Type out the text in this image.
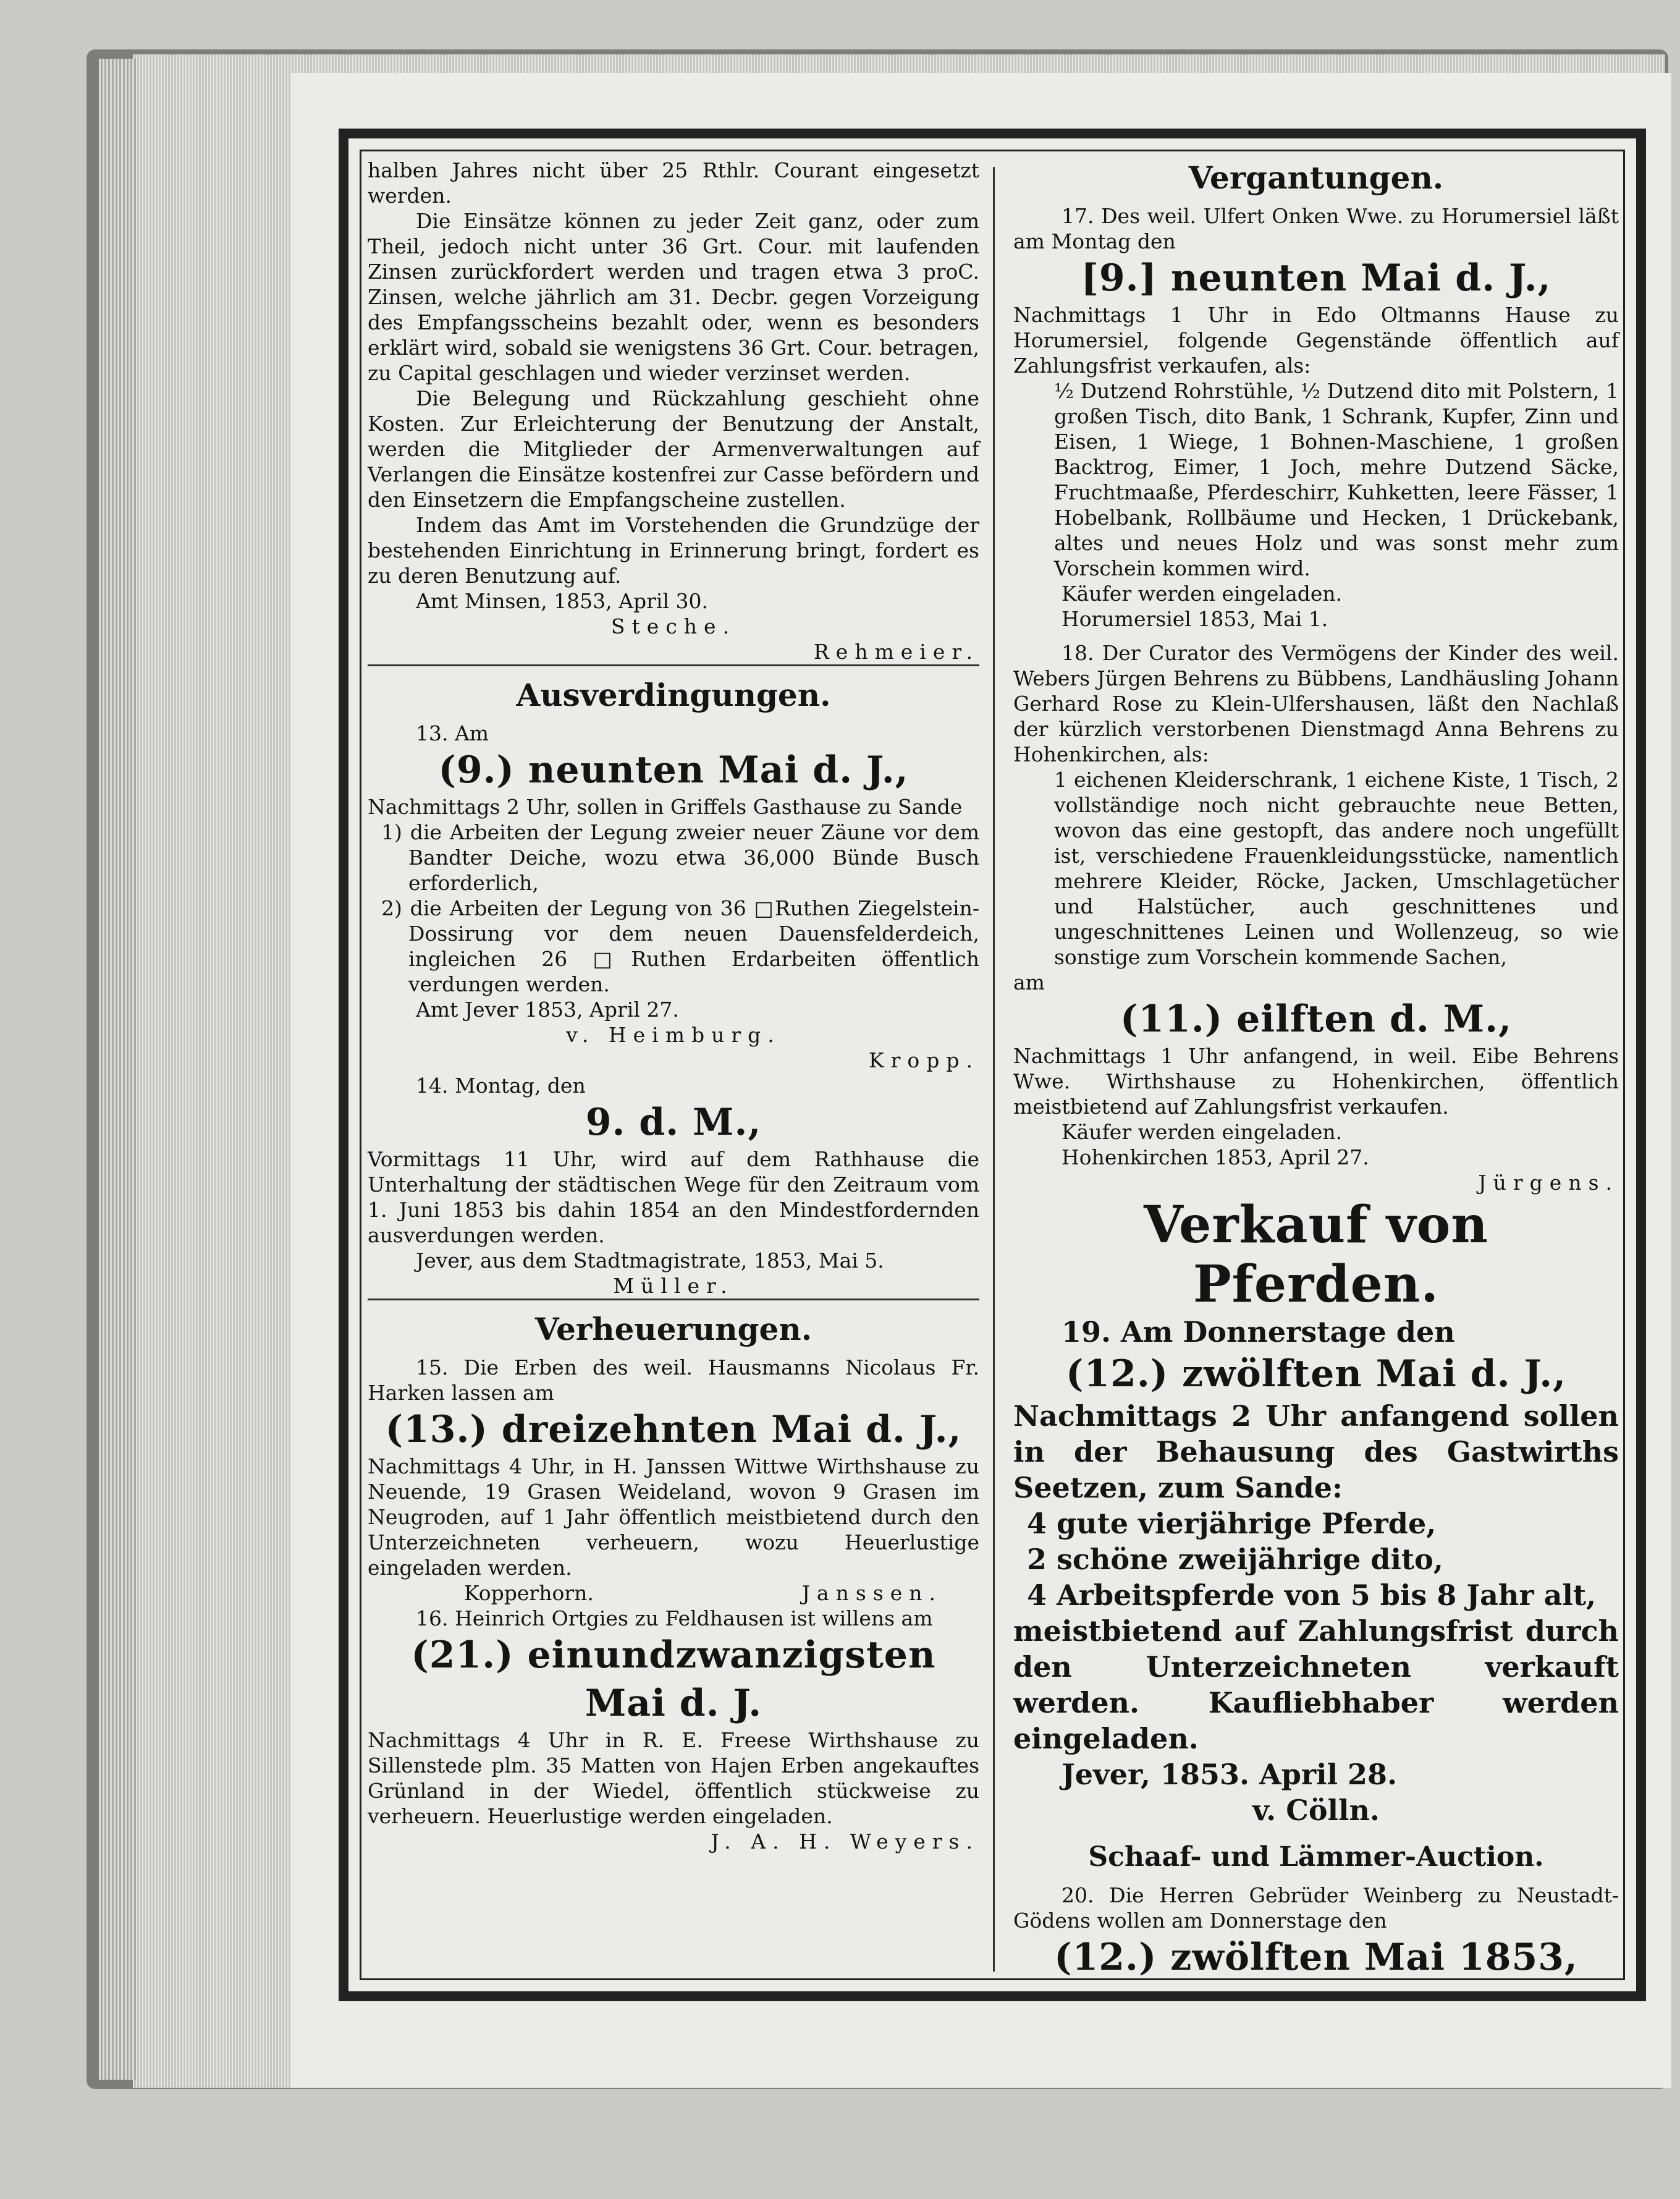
halben Jahres nicht über 25 Rthlr. Courant eingesetzt werden.

Die Einsätze können zu jeder Zeit ganz, oder zum Theil, jedoch nicht unter 36 Grt. Cour. mit laufenden Zinsen zurückfordert werden und tragen etwa 3 proC. Zinsen, welche jährlich am 31. Decbr. gegen Vorzeigung des Empfangsscheins bezahlt oder, wenn es besonders erklärt wird, sobald sie wenigstens 36 Grt. Cour. betragen, zu Capital geschlagen und wieder verzinset werden.

Die Belegung und Rückzahlung geschieht ohne Kosten. Zur Erleichterung der Benutzung der Anstalt, werden die Mitglieder der Armenverwaltungen auf Verlangen die Einsätze kostenfrei zur Casse befördern und den Einsetzern die Empfangscheine zustellen.

Indem das Amt im Vorstehenden die Grundzüge der bestehenden Einrichtung in Erinnerung bringt, fordert es zu deren Benutzung auf.

Amt Minsen, 1853, April 30.

Steche.

Rehmeier.

Ausverdingungen.

13. Am

(9.) neunten Mai d. J.,

Nachmittags 2 Uhr, sollen in Griffels Gasthause zu Sande

1) die Arbeiten der Legung zweier neuer Zäune vor dem Bandter Deiche, wozu etwa 36,000 Bünde Busch erforderlich,

2) die Arbeiten der Legung von 36 □Ruthen Ziegelstein-Dossirung vor dem neuen Dauensfelderdeich, ingleichen 26 □Ruthen Erdarbeiten öffentlich verdungen werden.

Amt Jever 1853, April 27.

v. Heimburg.

Kropp.

14. Montag, den

9. d. M.,

Vormittags 11 Uhr, wird auf dem Rathhause die Unterhaltung der städtischen Wege für den Zeitraum vom 1. Juni 1853 bis dahin 1854 an den Mindestfordernden ausverdungen werden.

Jever, aus dem Stadtmagistrate, 1853, Mai 5.

Müller.

Verheuerungen.

15. Die Erben des weil. Hausmanns Nicolaus Fr. Harken lassen am

(13.) dreizehnten Mai d. J.,

Nachmittags 4 Uhr, in H. Janssen Wittwe Wirthshause zu Neuende, 19 Grasen Weideland, wovon 9 Grasen im Neugroden, auf 1 Jahr öffentlich meistbietend durch den Unterzeichneten verheuern, wozu Heuerlustige eingeladen werden.

Kopperhorn.	Janssen.

16. Heinrich Ortgies zu Feldhausen ist willens am

(21.) einundzwanzigsten Mai d. J.

Nachmittags 4 Uhr in R. E. Freese Wirthshause zu Sillenstede plm. 35 Matten von Hajen Erben angekauftes Grünland in der Wiedel, öffentlich stückweise zu verheuern. Heuerlustige werden eingeladen.

J. A. H. Weyers.

Vergantungen.

17. Des weil. Ulfert Onken Wwe. zu Horumersiel läßt am Montag den

[9.] neunten Mai d. J.,

Nachmittags 1 Uhr in Edo Oltmanns Hause zu Horumersiel, folgende Gegenstände öffentlich auf Zahlungsfrist verkaufen, als:

½ Dutzend Rohrstühle, ½ Dutzend dito mit Polstern, 1 großen Tisch, dito Bank, 1 Schrank, Kupfer, Zinn und Eisen, 1 Wiege, 1 Bohnen-Maschiene, 1 großen Backtrog, Eimer, 1 Joch, mehre Dutzend Säcke, Fruchtmaaße, Pferdeschirr, Kuhketten, leere Fässer, 1 Hobelbank, Rollbäume und Hecken, 1 Drückebank, altes und neues Holz und was sonst mehr zum Vorschein kommen wird.

Käufer werden eingeladen.

Horumersiel 1853, Mai 1.

18. Der Curator des Vermögens der Kinder des weil. Webers Jürgen Behrens zu Bübbens, Landhäusling Johann Gerhard Rose zu Klein-Ulfershausen, läßt den Nachlaß der kürzlich verstorbenen Dienstmagd Anna Behrens zu Hohenkirchen, als:

1 eichenen Kleiderschrank, 1 eichene Kiste, 1 Tisch, 2 vollständige noch nicht gebrauchte neue Betten, wovon das eine gestopft, das andere noch ungefüllt ist, verschiedene Frauenkleidungsstücke, namentlich mehrere Kleider, Röcke, Jacken, Umschlagetücher und Halstücher, auch geschnittenes und ungeschnittenes Leinen und Wollenzeug, so wie sonstige zum Vorschein kommende Sachen,

am

(11.) eilften d. M.,

Nachmittags 1 Uhr anfangend, in weil. Eibe Behrens Wwe. Wirthshause zu Hohenkirchen, öffentlich meistbietend auf Zahlungsfrist verkaufen.

Käufer werden eingeladen.

Hohenkirchen 1853, April 27.

Jürgens.

Verkauf von Pferden.

19. Am Donnerstage den

(12.) zwölften Mai d. J.,

Nachmittags 2 Uhr anfangend sollen in der Behausung des Gastwirths Seetzen, zum Sande:

4 gute vierjährige Pferde,

2 schöne zweijährige dito,

4 Arbeitspferde von 5 bis 8 Jahr alt,

meistbietend auf Zahlungsfrist durch den Unterzeichneten verkauft werden. Kaufliebhaber werden eingeladen.

Jever, 1853. April 28.

v. Cölln.

Schaaf- und Lämmer-Auction.

20. Die Herren Gebrüder Weinberg zu Neustadt-Gödens wollen am Donnerstage den

(12.) zwölften Mai 1853,
